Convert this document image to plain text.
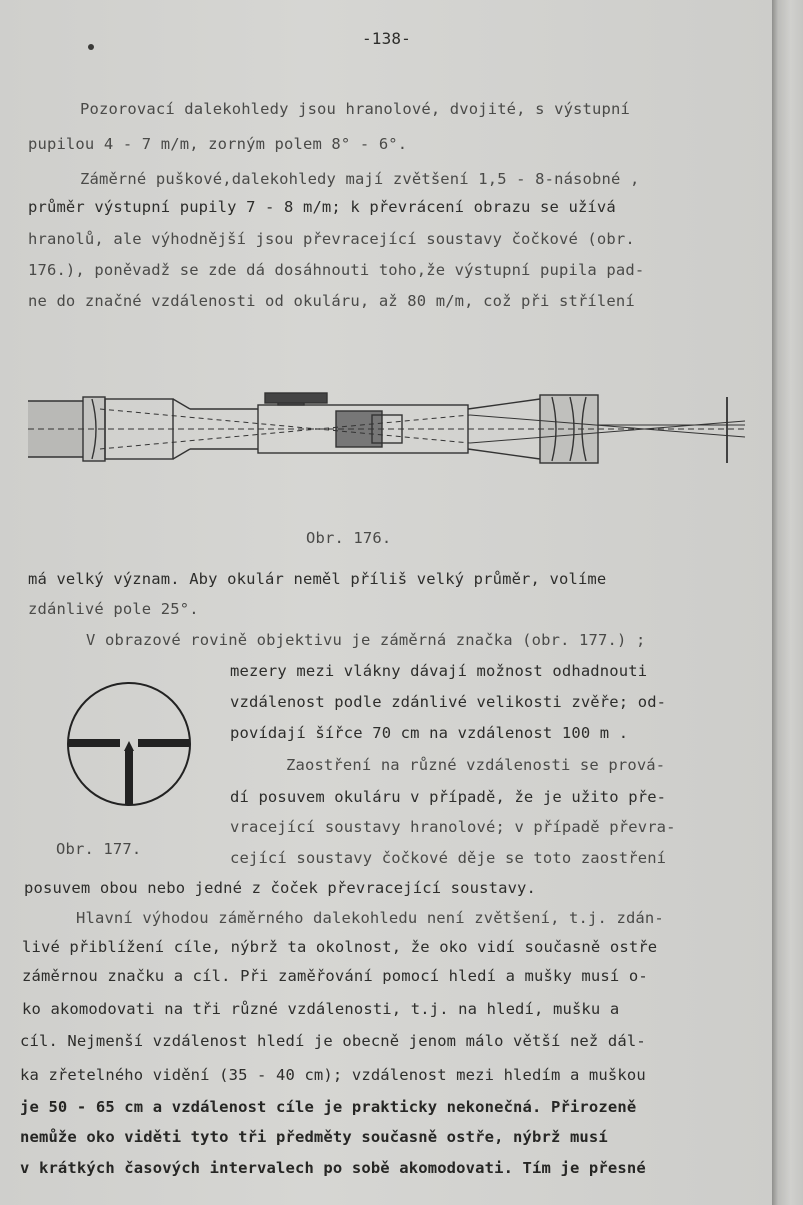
-138-
Pozorovací dalekohledy jsou hranolové, dvojité, s výstupní
pupilou 4 - 7 m/m, zorným polem 8° - 6°.
Záměrné puškové,dalekohledy mají zvětšení 1,5 - 8-násobné ,
průměr výstupní pupily 7 - 8 m/m; k převrácení obrazu se užívá
hranolů, ale výhodnější jsou převracející soustavy čočkové (obr.
176.), poněvadž se zde dá dosáhnouti toho,že výstupní pupila pad-
ne do značné vzdálenosti od okuláru, až 80 m/m, což při střílení
Obr. 176.
má velký význam. Aby okulár neměl příliš velký průměr, volíme
zdánlivé pole 25°.
V obrazové rovině objektivu je záměrná značka (obr. 177.) ;
mezery mezi vlákny dávají možnost odhadnouti
vzdálenost podle zdánlivé velikosti zvěře; od-
povídají šířce 70 cm na vzdálenost 100 m .
Zaostření na různé vzdálenosti se prová-
dí posuvem okuláru v případě, že je užito pře-
vracející soustavy hranolové; v případě převra-
Obr. 177.	cející soustavy čočkové děje se toto zaostření
posuvem obou nebo jedné z čoček převracející soustavy.
Hlavní výhodou záměrného dalekohledu není zvětšení, t.j. zdán-
livé přiblížení cíle, nýbrž ta okolnost, že oko vidí současně ostře
záměrnou značku a cíl. Při zaměřování pomocí hledí a mušky musí o-
ko akomodovati na tři různé vzdálenosti, t.j. na hledí, mušku a
cíl. Nejmenší vzdálenost hledí je obecně jenom málo větší než dál-
ka zřetelného vidění (35 - 40 cm); vzdálenost mezi hledím a muškou
je 50 - 65 cm a vzdálenost cíle je prakticky nekonečná. Přirozeně
nemůže oko viděti tyto tři předměty současně ostře, nýbrž musí
v krátkých časových intervalech po sobě akomodovati. Tím je přesné
